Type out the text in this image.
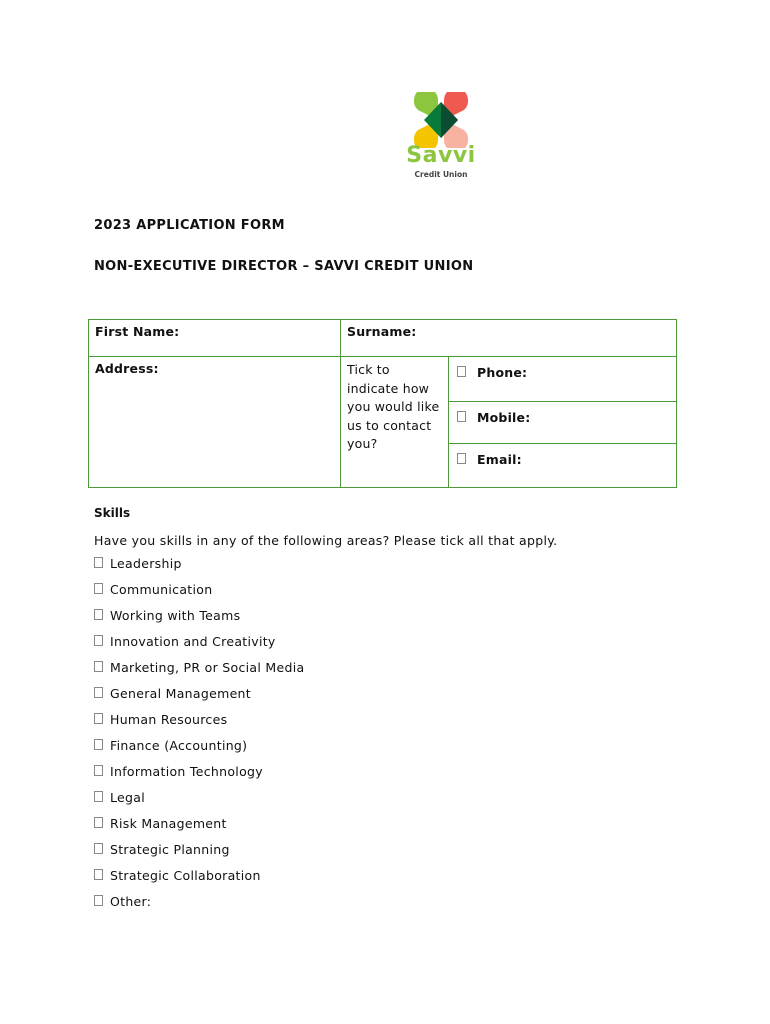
Savvi
Credit Union
2023 APPLICATION FORM
NON-EXECUTIVE DIRECTOR – SAVVI CREDIT UNION
First Name:	Surname:	

Address:	Tick to indicate how you would like us to contact you?	Phone:

		Mobile:

		Email:
Skills
Have you skills in any of the following areas? Please tick all that apply.
Leadership
Communication
Working with Teams
Innovation and Creativity
Marketing, PR or Social Media
General Management
Human Resources
Finance (Accounting)
Information Technology
Legal
Risk Management
Strategic Planning
Strategic Collaboration
Other:
